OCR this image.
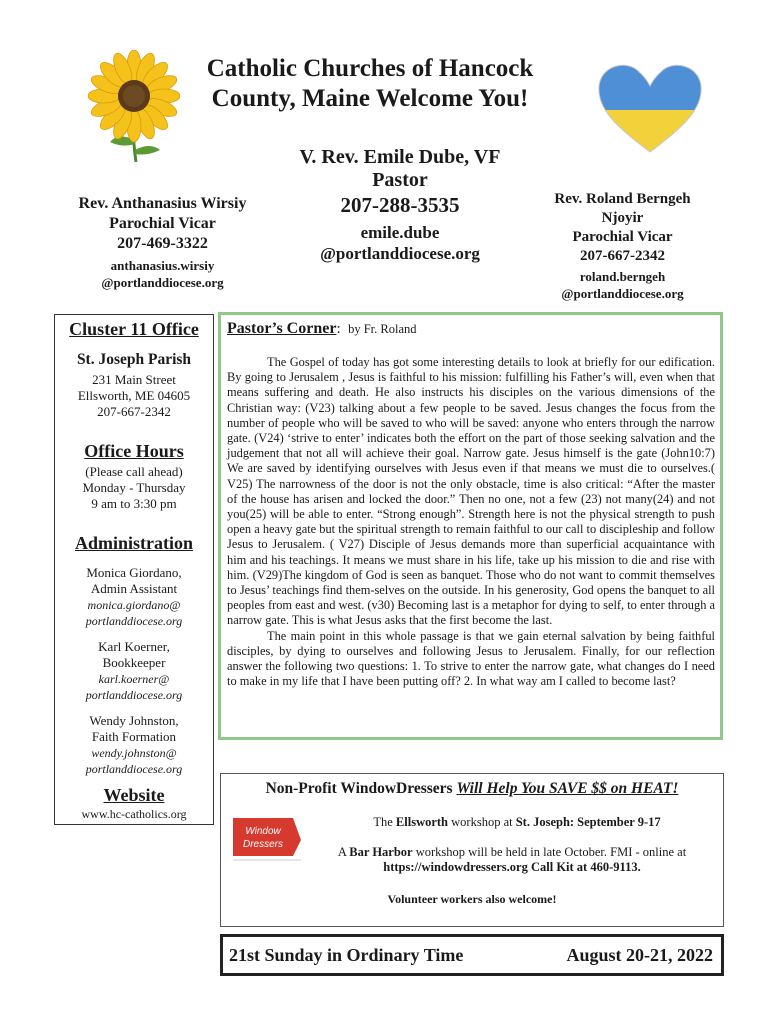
Catholic Churches of Hancock
County, Maine Welcome You!
V. Rev. Emile Dube, VF
Pastor
207-288-3535
emile.dube
@portlanddiocese.org
Rev. Anthanasius Wirsiy
Parochial Vicar
207-469-3322
anthanasius.wirsiy
@portlanddiocese.org
Rev. Roland Berngeh
Njoyir
Parochial Vicar
207-667-2342
roland.berngeh
@portlanddiocese.org
Cluster 11 Office
St. Joseph Parish
231 Main Street
Ellsworth, ME 04605
207-667-2342
Office Hours
(Please call ahead)
Monday - Thursday
9 am to 3:30 pm
Administration
Monica Giordano,
Admin Assistant
monica.giordano@
portlanddiocese.org
Karl Koerner,
Bookkeeper
karl.koerner@
portlanddiocese.org
Wendy Johnston,
Faith Formation
wendy.johnston@
portlanddiocese.org
Website
www.hc-catholics.org
Pastor’s Corner: by Fr. Roland

The Gospel of today has got some interesting details to look at briefly for our edification. By going to Jerusalem , Jesus is faithful to his mission: fulfilling his Father’s will, even when that means suffering and death. He also instructs his disciples on the various dimensions of the Christian way: (V23) talking about a few people to be saved. Jesus changes the focus from the number of people who will be saved to who will be saved: anyone who enters through the narrow gate. (V24) ‘strive to enter’ indicates both the effort on the part of those seeking salvation and the judgement that not all will achieve their goal. Narrow gate. Jesus himself is the gate (John10:7) We are saved by identifying ourselves with Jesus even if that means we must die to ourselves.( V25) The narrowness of the door is not the only obstacle, time is also critical: “After the master of the house has arisen and locked the door.” Then no one, not a few (23) not many(24) and not you(25) will be able to enter. “Strong enough”. Strength here is not the physical strength to push open a heavy gate but the spiritual strength to remain faithful to our call to discipleship and follow Jesus to Jerusalem. ( V27) Disciple of Jesus demands more than superficial acquaintance with him and his teachings. It means we must share in his life, take up his mission to die and rise with him. (V29)The kingdom of God is seen as banquet. Those who do not want to commit themselves to Jesus’ teachings find them-selves on the outside. In his generosity, God opens the banquet to all peoples from east and west. (v30) Becoming last is a metaphor for dying to self, to enter through a narrow gate. This is what Jesus asks that the first become the last.

The main point in this whole passage is that we gain eternal salvation by being faithful disciples, by dying to ourselves and following Jesus to Jerusalem. Finally, for our reflection answer the following two questions: 1. To strive to enter the narrow gate, what changes do I need to make in my life that I have been putting off? 2. In what way am I called to become last?

Non-Profit WindowDressers Will Help You SAVE $$ on HEAT!
Window
Dressers
The Ellsworth workshop at St. Joseph: September 9-17
A Bar Harbor workshop will be held in late October. FMI - online at
https://windowdressers.org Call Kit at 460-9113.
Volunteer workers also welcome!
21st Sunday in Ordinary Time	August 20-21, 2022
